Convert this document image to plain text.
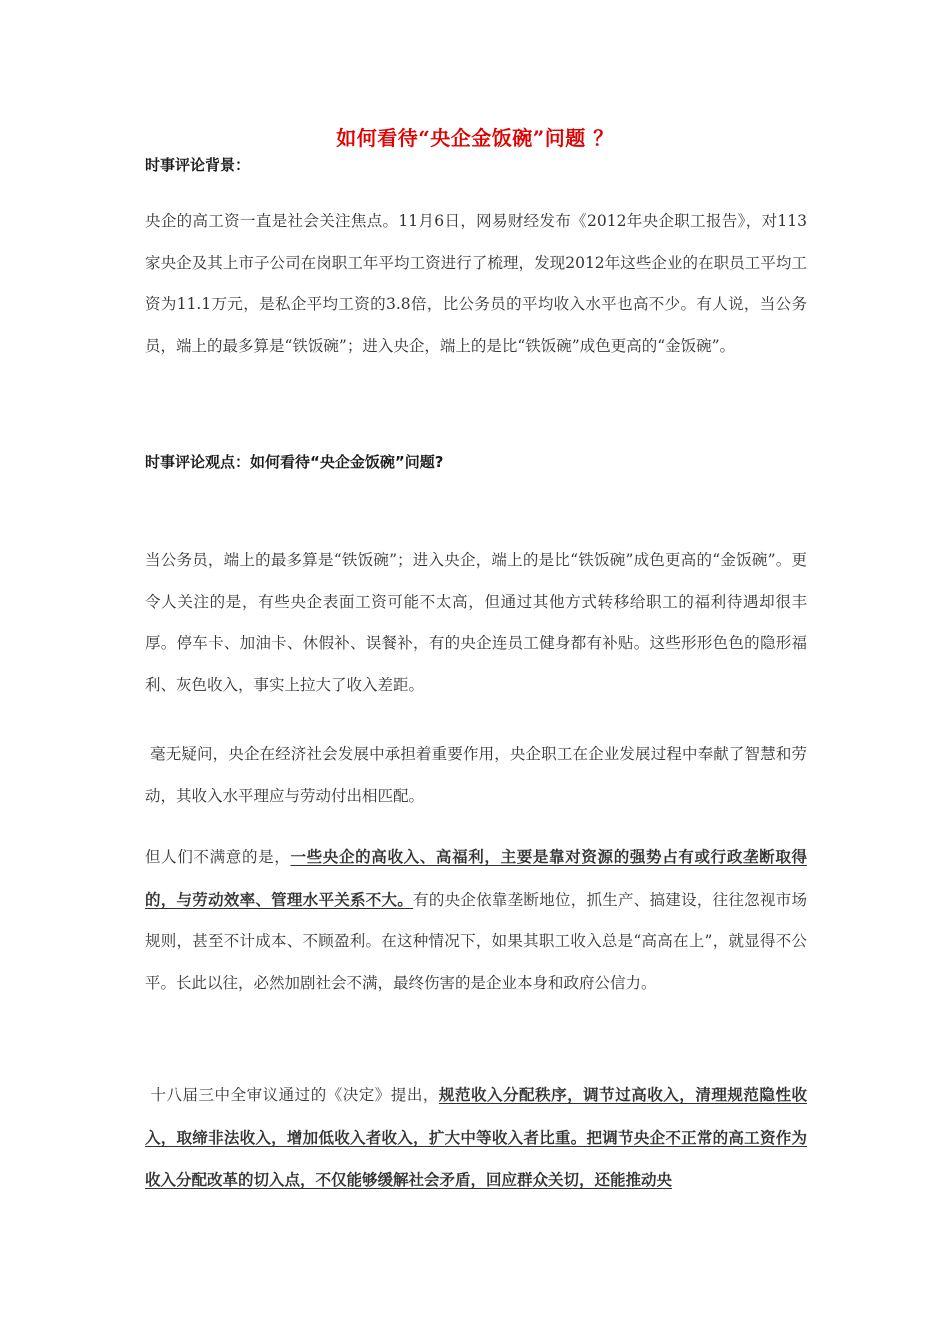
如何看待“央企金饭碗”问题 ？
时事评论背景：

央企的高工资一直是社会关注焦点。11月6日，网易财经发布《2012年央企职工报告》，对113家央企及其上市子公司在岗职工年平均工资进行了梳理，发现2012年这些企业的在职员工平均工资为11.1万元，是私企平均工资的3.8倍，比公务员的平均收入水平也高不少。有人说，当公务员，端上的最多算是“铁饭碗”；进入央企，端上的是比“铁饭碗”成色更高的“金饭碗”。

时事评论观点：如何看待“央企金饭碗”问题?

当公务员，端上的最多算是“铁饭碗”；进入央企，端上的是比“铁饭碗”成色更高的“金饭碗”。更令人关注的是，有些央企表面工资可能不太高，但通过其他方式转移给职工的福利待遇却很丰厚。停车卡、加油卡、休假补、误餐补，有的央企连员工健身都有补贴。这些形形色色的隐形福利、灰色收入，事实上拉大了收入差距。

毫无疑问，央企在经济社会发展中承担着重要作用，央企职工在企业发展过程中奉献了智慧和劳动，其收入水平理应与劳动付出相匹配。

但人们不满意的是，一些央企的高收入、高福利，主要是靠对资源的强势占有或行政垄断取得的，与劳动效率、管理水平关系不大。有的央企依靠垄断地位，抓生产、搞建设，往往忽视市场规则，甚至不计成本、不顾盈利。在这种情况下，如果其职工收入总是“高高在上”，就显得不公平。长此以往，必然加剧社会不满，最终伤害的是企业本身和政府公信力。

十八届三中全审议通过的《决定》提出，规范收入分配秩序，调节过高收入，清理规范隐性收入，取缔非法收入，增加低收入者收入，扩大中等收入者比重。把调节央企不正常的高工资作为收入分配改革的切入点，不仅能够缓解社会矛盾，回应群众关切，还能推动央
